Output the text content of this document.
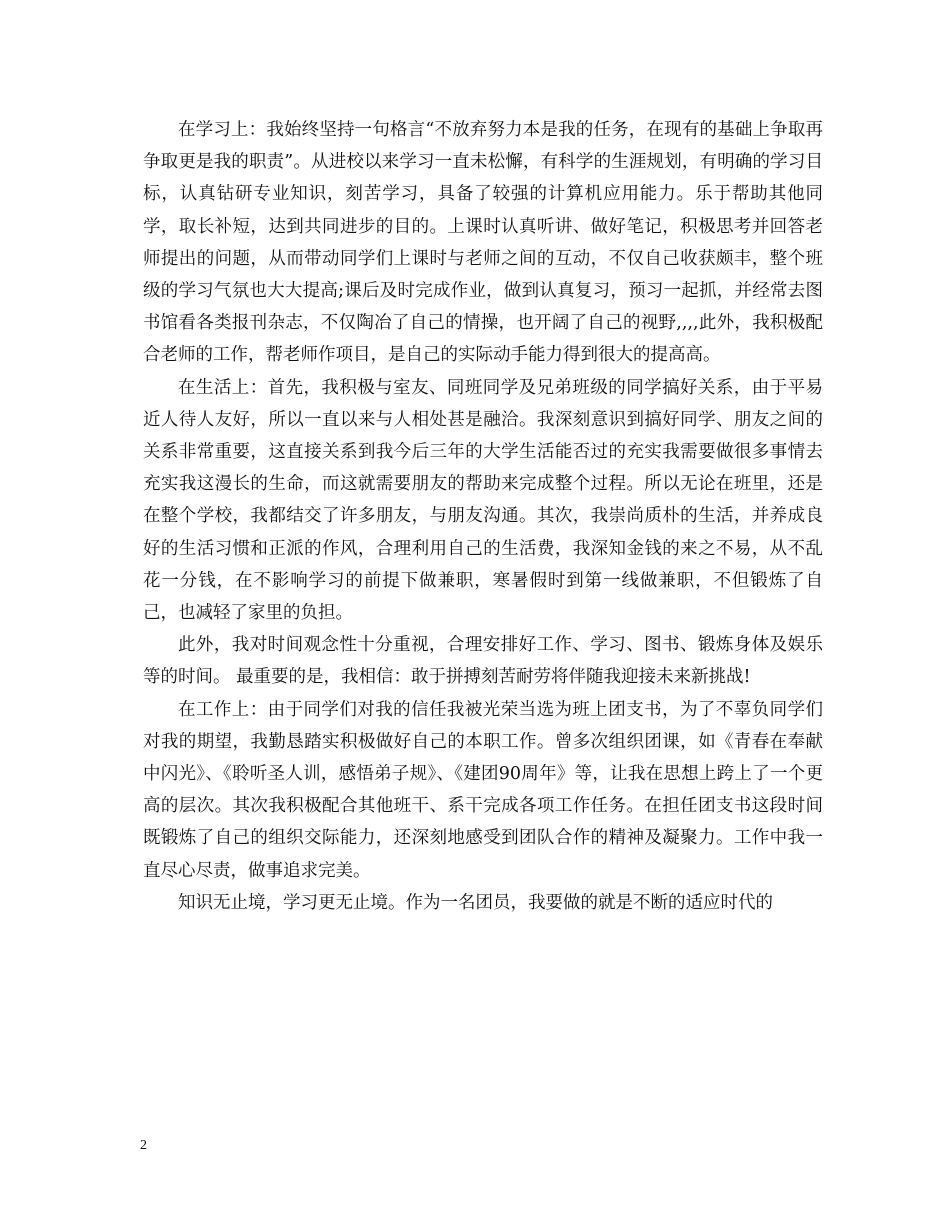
在学习上：我始终坚持一句格言“不放弃努力本是我的任务，在现有的基础上争取再争取更是我的职责”。从进校以来学习一直未松懈，有科学的生涯规划，有明确的学习目标，认真钻研专业知识，刻苦学习，具备了较强的计算机应用能力。乐于帮助其他同学，取长补短，达到共同进步的目的。上课时认真听讲、做好笔记，积极思考并回答老师提出的问题，从而带动同学们上课时与老师之间的互动，不仅自己收获颇丰，整个班级的学习气氛也大大提高;课后及时完成作业，做到认真复习，预习一起抓，并经常去图书馆看各类报刊杂志，不仅陶冶了自己的情操，也开阔了自己的视野,,,,此外，我积极配合老师的工作，帮老师作项目，是自己的实际动手能力得到很大的提高高。

在生活上：首先，我积极与室友、同班同学及兄弟班级的同学搞好关系，由于平易近人待人友好，所以一直以来与人相处甚是融洽。我深刻意识到搞好同学、朋友之间的关系非常重要，这直接关系到我今后三年的大学生活能否过的充实我需要做很多事情去充实我这漫长的生命，而这就需要朋友的帮助来完成整个过程。所以无论在班里，还是在整个学校，我都结交了许多朋友，与朋友沟通。其次，我崇尚质朴的生活，并养成良好的生活习惯和正派的作风，合理利用自己的生活费，我深知金钱的来之不易，从不乱花一分钱，在不影响学习的前提下做兼职，寒暑假时到第一线做兼职，不但锻炼了自己，也减轻了家里的负担。

此外，我对时间观念性十分重视，合理安排好工作、学习、图书、锻炼身体及娱乐等的时间。 最重要的是，我相信：敢于拼搏刻苦耐劳将伴随我迎接未来新挑战!

在工作上：由于同学们对我的信任我被光荣当选为班上团支书，为了不辜负同学们对我的期望，我勤恳踏实积极做好自己的本职工作。曾多次组织团课，如《青春在奉献中闪光》、《聆听圣人训，感悟弟子规》、《建团90周年》等，让我在思想上跨上了一个更高的层次。其次我积极配合其他班干、系干完成各项工作任务。在担任团支书这段时间既锻炼了自己的组织交际能力，还深刻地感受到团队合作的精神及凝聚力。工作中我一直尽心尽责，做事追求完美。

知识无止境，学习更无止境。作为一名团员，我要做的就是不断的适应时代的

2
